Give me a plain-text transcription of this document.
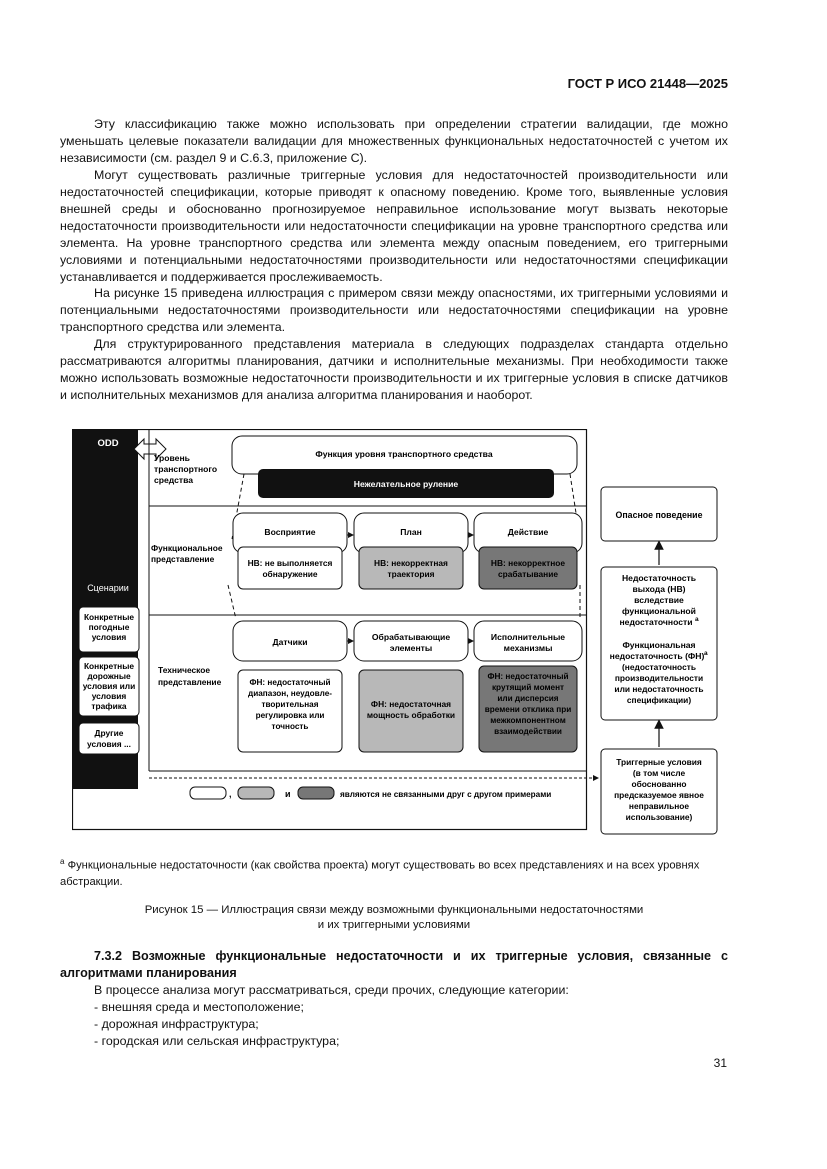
ГОСТ Р ИСО 21448—2025

Эту классификацию также можно использовать при определении стратегии валидации, где можно уменьшать целевые показатели валидации для множественных функциональных недостаточностей с учетом их независимости (см. раздел 9 и С.6.3, приложение С).

Могут существовать различные триггерные условия для недостаточностей производительности или недостаточностей спецификации, которые приводят к опасному поведению. Кроме того, выявленные условия внешней среды и обоснованно прогнозируемое неправильное использование могут вызвать некоторые недостаточности производительности или недостаточности спецификации на уровне транспортного средства или элемента. На уровне транспортного средства или элемента между опасным поведением, его триггерными условиями и потенциальными недостаточностями производительности или недостаточностями спецификации устанавливается и поддерживается прослеживаемость.

На рисунке 15 приведена иллюстрация с примером связи между опасностями, их триггерными условиями и потенциальными недостаточностями производительности или недостаточностями спецификации на уровне транспортного средства или элемента.

Для структурированного представления материала в следующих подразделах стандарта отдельно рассматриваются алгоритмы планирования, датчики и исполнительные механизмы. При необходимости также можно использовать возможные недостаточности производительности и их триггерные условия в списке датчиков и исполнительных механизмов для анализа алгоритма планирования и наоборот.

ODD
Сценарии
Конкретные
погодные
условия
Конкретные
дорожные
условия или
условия
трафика
Другие
условия ...
Уровень
транспортного
средства
Функциональное
представление
Техническое
представление
Функция уровня транспортного средства
Нежелательное руление
Восприятие
НВ: не выполняется
обнаружение
План
НВ: некорректная
траектория
Действие
НВ: некорректное
срабатывание
Датчики
ФН: недостаточный
диапазон, неудовле-
творительная
регулировка или
точность
Обрабатывающие
элементы
ФН: недостаточная
мощность обработки
Исполнительные
механизмы
ФН: недостаточный
крутящий момент
или дисперсия
времени отклика при
межкомпонентном
взаимодействии
,	и	являются не связанными друг с другом примерами
Опасное поведение
Недостаточность
выхода (НВ)
вследствие
функциональной
недостаточности a
Функциональная
недостаточность (ФН) a
(недостаточность
производительности
или недостаточность
спецификации)
Триггерные условия
(в том числе
обоснованно
предсказуемое явное
неправильное
использование)
$^a$ Функциональные недостаточности (как свойства проекта) могут существовать во всех представлениях и на всех уровнях абстракции.
Рисунок 15 — Иллюстрация связи между возможными функциональными недостаточностями
и их триггерными условиями

7.3.2 Возможные функциональные недостаточности и их триггерные условия, связанные с алгоритмами планирования

В процессе анализа могут рассматриваться, среди прочих, следующие категории:
- внешняя среда и местоположение;
- дорожная инфраструктура;
- городская или сельская инфраструктура;
31
